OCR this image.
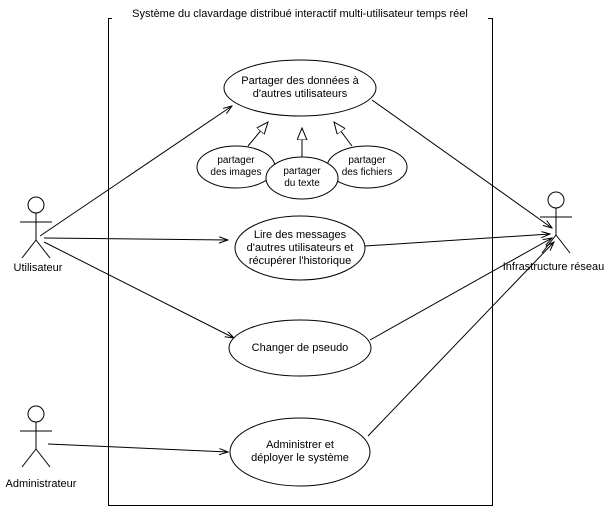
Système du clavardage distribué interactif multi-utilisateur temps réel
Utilisateur
Administrateur
Infrastructure réseau
Partager des données à
d'autres utilisateurs
partager
des images	partager
du texte
partager
des fichiers
Lire des messages
d'autres utilisateurs et
récupérer l'historique
Changer de pseudo
Administrer et
déployer le système
